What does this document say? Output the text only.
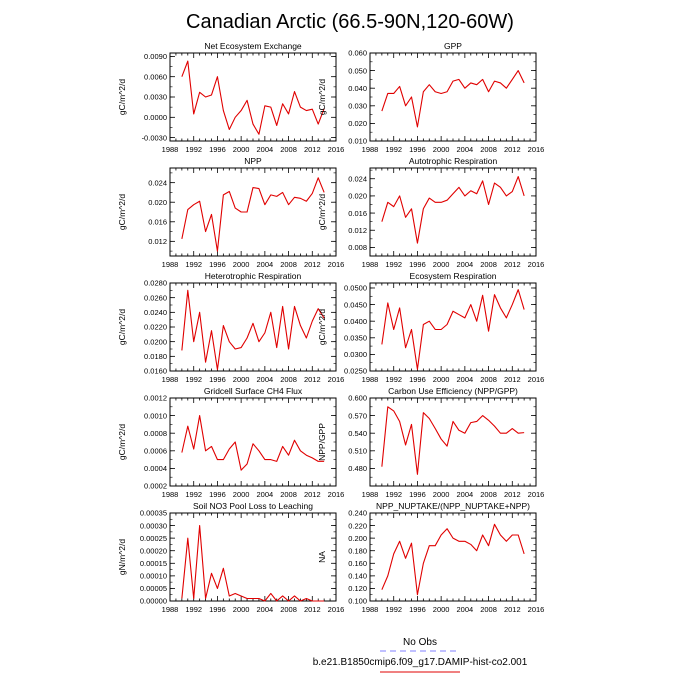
Canadian Arctic (66.5-90N,120-60W)
Net Ecosystem Exchange
gC/m^2/d
1988 1992 1996 2000 2004 2008 2012 2016
-0.0030
0.0000
0.0030
0.0060
0.0090
GPP
gC/m^2/d
1988 1992 1996 2000 2004 2008 2012 2016
0.010
0.020
0.030
0.040
0.050
0.060
NPP
gC/m^2/d
1988 1992 1996 2000 2004 2008 2012 2016
0.012
0.016
0.020
0.024
Autotrophic Respiration
gC/m^2/d
1988 1992 1996 2000 2004 2008 2012 2016
0.008
0.012
0.016
0.020
0.024
Heterotrophic Respiration
gC/m^2/d
1988 1992 1996 2000 2004 2008 2012 2016
0.0160
0.0180
0.0200
0.0220
0.0240
0.0260
0.0280
Ecosystem Respiration
gC/m^2/d
1988 1992 1996 2000 2004 2008 2012 2016
0.0250
0.0300
0.0350
0.0400
0.0450
0.0500
Gridcell Surface CH4 Flux
gC/m^2/d
1988 1992 1996 2000 2004 2008 2012 2016
0.0002
0.0004
0.0006
0.0008
0.0010
0.0012
Carbon Use Efficiency (NPP/GPP)
NPP/GPP
1988 1992 1996 2000 2004 2008 2012 2016
0.480
0.510
0.540
0.570
0.600
Soil NO3 Pool Loss to Leaching
gN/m^2/d
1988 1992 1996 2000 2004 2008 2012 2016
0.00000
0.00005
0.00010
0.00015
0.00020
0.00025
0.00030
0.00035
NPP_NUPTAKE/(NPP_NUPTAKE+NPP)
NA
1988 1992 1996 2000 2004 2008 2012 2016
0.100
0.120
0.140
0.160
0.180
0.200
0.220
0.240
No Obs
b.e21.B1850cmip6.f09_g17.DAMIP-hist-co2.001
